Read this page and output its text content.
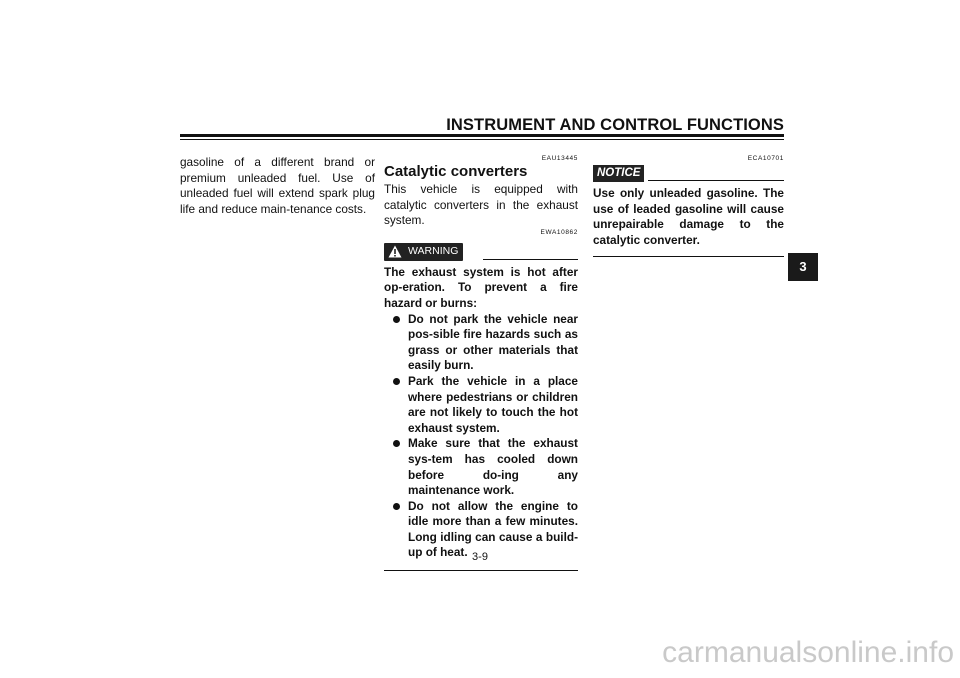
INSTRUMENT AND CONTROL FUNCTIONS
gasoline of a different brand or premium unleaded fuel. Use of unleaded fuel will extend spark plug life and reduce main-tenance costs.
EAU13445
Catalytic converters
This vehicle is equipped with catalytic converters in the exhaust system.
EWA10862
WARNING
The exhaust system is hot after op-eration. To prevent a fire hazard or burns:
Do not park the vehicle near pos-sible fire hazards such as grass or other materials that easily burn.
Park the vehicle in a place where pedestrians or children are not likely to touch the hot exhaust system.
Make sure that the exhaust sys-tem has cooled down before do-ing any maintenance work.
Do not allow the engine to idle more than a few minutes. Long idling can cause a build-up of heat.
ECA10701
NOTICE
Use only unleaded gasoline. The use of leaded gasoline will cause unrepairable damage to the catalytic converter.
3
3-9
carmanualsonline.info
